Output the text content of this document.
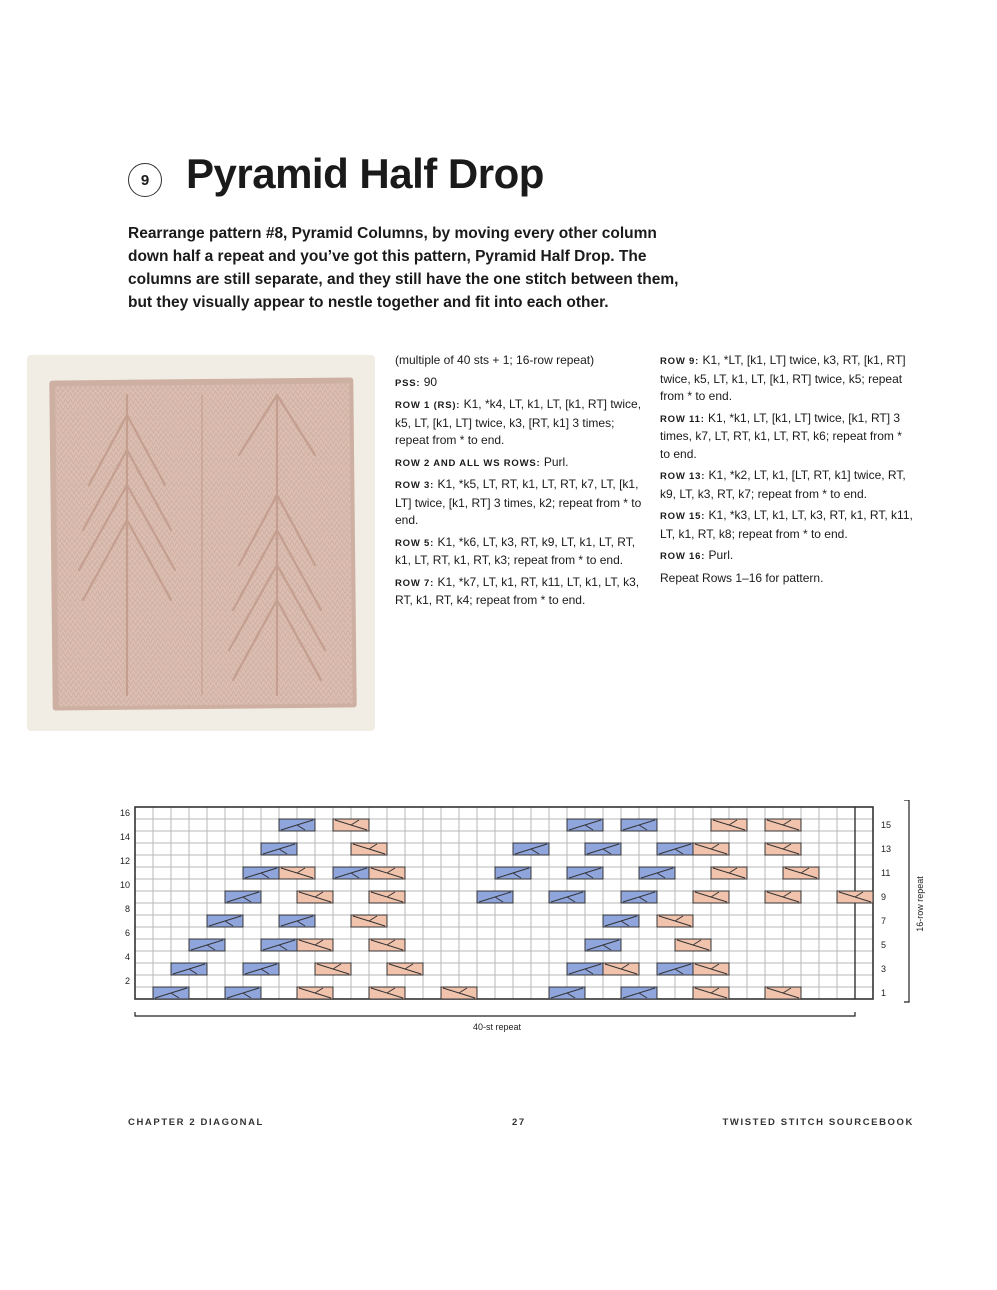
9 Pyramid Half Drop

Rearrange pattern #8, Pyramid Columns, by moving every other column down half a repeat and you’ve got this pattern, Pyramid Half Drop. The columns are still separate, and they still have the one stitch between them, but they visually appear to nestle together and fit into each other.

(multiple of 40 sts + 1; 16-row repeat)

PSS: 90

ROW 1 (RS): K1, *k4, LT, k1, LT, [k1, RT] twice, k5, LT, [k1, LT] twice, k3, [RT, k1] 3 times; repeat from * to end.

ROW 2 AND ALL WS ROWS: Purl.

ROW 3: K1, *k5, LT, RT, k1, LT, RT, k7, LT, [k1, LT] twice, [k1, RT] 3 times, k2; repeat from * to end.

ROW 5: K1, *k6, LT, k3, RT, k9, LT, k1, LT, RT, k1, LT, RT, k1, RT, k3; repeat from * to end.

ROW 7: K1, *k7, LT, k1, RT, k11, LT, k1, LT, k3, RT, k1, RT, k4; repeat from * to end.

ROW 9: K1, *LT, [k1, LT] twice, k3, RT, [k1, RT] twice, k5, LT, k1, LT, [k1, RT] twice, k5; repeat from * to end.

ROW 11: K1, *k1, LT, [k1, LT] twice, [k1, RT] 3 times, k7, LT, RT, k1, LT, RT, k6; repeat from * to end.

ROW 13: K1, *k2, LT, k1, [LT, RT, k1] twice, RT, k9, LT, k3, RT, k7; repeat from * to end.

ROW 15: K1, *k3, LT, k1, LT, k3, RT, k1, RT, k11, LT, k1, RT, k8; repeat from * to end.

ROW 16: Purl.

Repeat Rows 1–16 for pattern.

2
4
6
8
10
12
14
16
1
3
5
7
9
11
13
15
16-row repeat
40-st repeat
CHAPTER 2 DIAGONAL	27	TWISTED STITCH SOURCEBOOK
